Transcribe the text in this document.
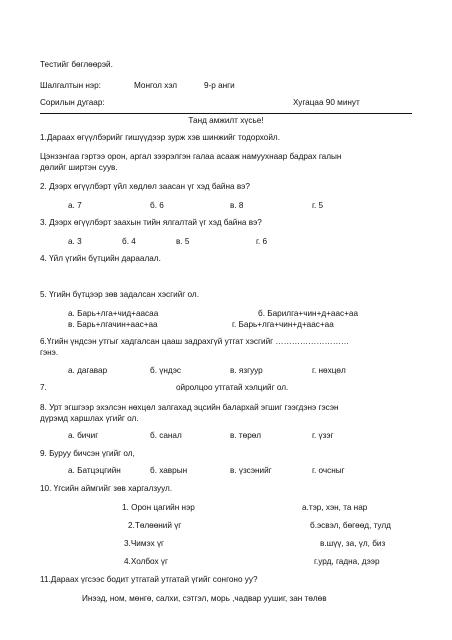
Тестийг бөглөөрэй.
Шалгалтын нэр:	Монгол хэл	9-р анги
Сорилын дугаар:	Хугацаа 90 минут
Танд амжилт хүсье!
1.Дараах өгүүлбэрийг гишүүдээр зурж хэв шинжийг тодорхойл.
Цэнзэнгаа гэртээ орон, аргал зээрэлгэн галаа асааж намуухнаар бадрах галын
дөлийг ширтэн суув.
2. Дээрх өгүүлбэрт үйл хөдлөл заасан үг хэд байна вэ?
а. 7	б. 6	в. 8	г. 5
3. Дээрх өгүүлбэрт заахын тийн ялгалтай үг хэд байна вэ?
а. 3	б. 4	в. 5	г. 6
4. Үйл үгийн бүтцийн дараалал.
5. Үгийн бүтцээр зөв задалсан хэсгийг ол.
а. Барь+лга+чид+аасаа	б. Барилга+чин+д+аас+аа
в. Барь+лгачин+аас+аа	г. Барь+лга+чин+д+аас+аа
6.Үгийн үндсэн утгыг хадгалсан цааш задрахгүй утгат хэсгийг ………………………
гэнэ.
а. дагавар	б. үндэс	в. язгуур	г. нөхцөл
7.	ойролцоо утгатай хэлцийг ол.
8. Урт эгшгээр эхэлсэн нөхцөл залгахад эцсийн балархай эгшиг гээгдэнэ гэсэн
дүрэмд харшлах үгийг ол.
а. бичиг	б. санал	в. төрөл	г. үзэг
9. Буруу бичсэн үгийг ол,
а. Батцэцгийн	б. хаврын	в. үзсэнийг	г. очсныг
10. Үгсийн аймгийг зөв харгалзуул.
1. Орон цагийн нэр	а.тэр, хэн, та нар
2.Төлөөний үг	б.эсвэл, бөгөөд, тулд
3.Чимэх үг	в.шүү, за, үл, биз
4.Холбох үг	г.урд, гадна, дээр
11.Дараах үгсээс бодит утгатай утгатай үгийг сонгоно уу?
Инээд, ном, мөнгө, салхи, сэтгэл, морь ,чадвар уушиг, зан төлөв
